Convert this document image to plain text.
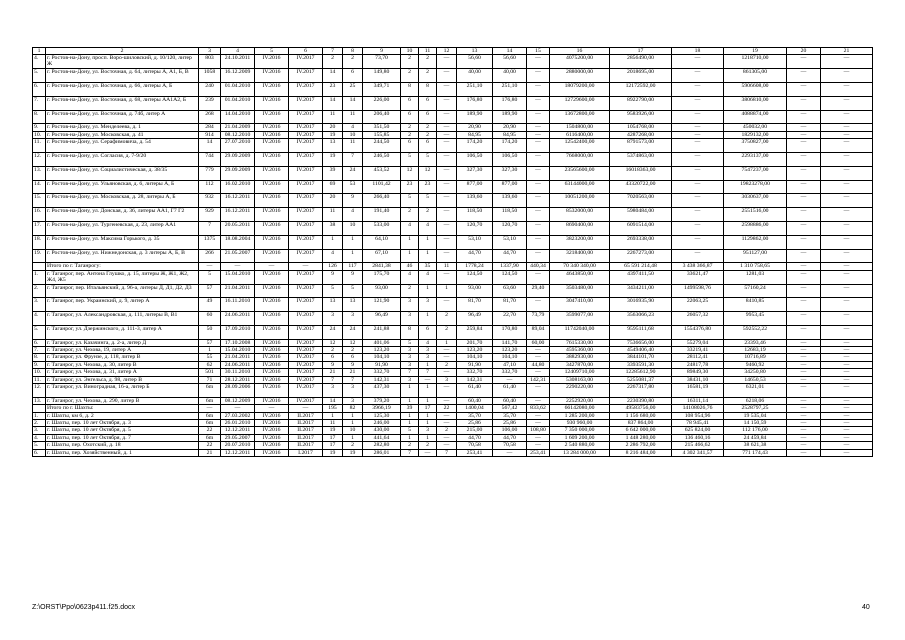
1	2	3	4	5	6	7	8	9	10	11	12	13	14	15	16	17	18	19	20	21
4.	г. Ростов-на-Дону, просп. Воро-шиловский, д. 10/120, литер Ж	803	24.10.2011	IV.2016	IV.2017	2	2	73,70	2	2	—	56,60	56,60	—	4075200,00	2856490,00	—	1218710,00	—	—
5.	г. Ростов-на-Дону, ул. Восточная, д. 64, литеры А, А1, Б, В	1058	16.12.2009	IV.2016	IV.2017	14	6	149,80	2	2	—	40,00	40,00	—	2880000,00	2018695,00	—	861305,00	—	—
6.	г. Ростов-на-Дону, ул. Восточная, д. 66, литеры А, Б	240	01.04.2010	IV.2016	IV.2017	23	25	349,71	8	8	—	251,10	251,10	—	18079200,00	12172592,00	—	5906608,00	—	—
7.	г. Ростов-на-Дону, ул. Восточная, д. 68, литеры АА1А2, Б	239	01.04.2010	IV.2016	IV.2017	14	14	226,00	6	6	—	176,80	176,80	—	12729600,00	8922790,00	—	3806810,00	—	—
8.	г. Ростов-на-Дону, ул. Восточная, д. 74б, литер А	268	14.04.2010	IV.2016	IV.2017	11	11	206,40	6	6	—	189,90	189,90	—	13672800,00	9583926,00	—	4088874,00	—	—
9.	г. Ростов-на-Дону, ул. Менделеева, д. 1	284	21.04.2009	IV.2016	IV.2017	20	4	351,50	2	2	—	20,90	20,90	—	1504800,00	1054768,00	—	450032,00	—	—
10.	г. Ростов-на-Дону, ул. Московская, д. 41	914	08.12.2010	IV.2016	IV.2017	19	10	155,85	2	2	—	84,95	84,95	—	6116400,00	4287268,00	—	1829132,00	—	—
11.	г. Ростов-на-Дону, ул. Серафимовича, д. 54	14	27.07.2010	IV.2016	IV.2017	13	11	244,50	6	6	—	174,20	174,20	—	12542400,00	8791573,00	—	3750827,00	—	—
12.	г. Ростов-на-Дону, ул. Согласия, д. 7-9/20	744	29.09.2009	IV.2016	IV.2017	19	7	246,50	5	5	—	106,50	106,50	—	7668000,00	5374863,00	—	2293137,00	—	—
13.	г. Ростов-на-Дону, ул. Социалистическая, д. 38/35	779	29.09.2009	IV.2016	IV.2017	39	24	453,52	12	12	—	327,30	327,30	—	23565600,00	16018363,00	—	7547237,00	—	—
14.	г. Ростов-на-Дону, ул. Ульяновская, д. 6, литеры А, Б	112	16.02.2010	IV.2016	IV.2017	69	53	1101,42	23	23	—	877,00	877,00	—	63144000,00	43320722,00	—	19823278,00	—	—
15.	г. Ростов-на-Дону, ул. Московская, д. 28, литеры А, Б	932	16.12.2011	IV.2016	IV.2017	20	9	266,40	5	5	—	139,60	139,60	—	10051200,00	7020563,00	—	3030637,00	—	—
16.	г. Ростов-на-Дону, ул. Донская, д. 36, литеры АА1, Г7 Г2	929	16.12.2011	IV.2016	IV.2017	11	4	191,40	2	2	—	118,50	118,50	—	8532000,00	5980484,00	—	2551516,00	—	—
17.	г. Ростов-на-Дону, ул. Тургеневская, д. 23, литер АА1	7	20.05.2011	IV.2016	IV.2017	38	10	533,00	4	4	—	120,70	120,70	—	8690400,00	6091514,00	—	2598886,00	—	—
18.	г. Ростов-на-Дону, ул. Максима Горького, д. 35	1375	18.08.2004	IV.2016	IV.2017	1	1	64,10	1	1	—	53,10	53,10	—	3823200,00	2693338,00	—	1129862,00	—	—
19.	г. Ростов-на-Дону, ул. Нижнедонская, д. 3 литеры А, Б, В	266	21.05.2007	IV.2016	IV.2017	4	1	67,10	1	1	—	44,70	44,70	—	3218400,00	2267273,00	—	951127,00	—	—
	Итого по г. Таганрогу:	—	—	—	—	126	117	2841,38	46	35	11	1778,24	1337,90	440,34	70 340 340,00	65 591 214,48	3 438 366,87	1 310 758,65	—	—
1.	г. Таганрог, пер. Антона Глушко, д. 15, литеры Ж, Ж1, Ж2, Ж4, Ж5	5	15.04.2010	IV.2016	IV.2017	9	9	175,70	4	4	—	124,50	124,50	—	4643850,00	4397411,50	33621,47	1281,03	—	—
2.	г. Таганрог, пер. Итальянский, д. 96-а, литеры Д, Д1, Д2, Д3	57	21.04.2011	IV.2016	IV.2017	5	5	93,00	2	1	1	93,00	63,60	29,40	3503480,00	3434211,00	1499598,76	57160,24	—	—
3.	г. Таганрог, пер. Украинский, д. 9, литер А	49	16.11.2010	IV.2016	IV.2017	13	13	121,90	3	3	—	81,70	81,70	—	3047410,00	3016935,90	22063,25	8410,85	—	—
4.	г. Таганрог, ул. Александровская, д. 111, литеры В, В1	60	24.06.2011	IV.2016	IV.2017	3	3	96,49	3	1	2	96,49	22,70	73,79	3599077,00	3563066,23	26057,32	9953,45	—	—
5.	г. Таганрог, ул. Дзержинского, д. 111-3, литер А	50	17.09.2010	IV.2016	IV.2017	24	24	241,88	8	6	2	259,84	170,80	89,04	11742040,00	9595111,68	1554376,80	592552,22	—	—
6.	г. Таганрог, ул. Казачинга, д. 2-а, литер Д	57	17.10.2008	IV.2016	IV.2017	12	12	401,06	5	4	1	201,70	141,70	60,00	7615330,00	7536656,00	55279,04	23393,46	—	—
7.	г. Таганрог, ул. Чехова, 19, литер А	1	15.04.2010	IV.2016	IV.2017	2	2	123,20	3	3	—	123,20	123,20	—	4595360,00	4549406,40	33219,41	12683,19	—	—
8.	г. Таганрог, ул. Фрунзе, д. 118, литер В	55	21.04.2011	IV.2016	IV.2017	6	6	104,10	3	3	—	104,10	104,10	—	3882930,00	3844101,70	28112,41	10716,89	—	—
9.	г. Таганрог, ул. Чехова, д. 30, литер В	62	24.06.2011	IV.2016	IV.2017	9	9	91,90	3	1	2	91,90	47,10	44,80	3427870,00	3393591,30	24817,78	9460,92	—	—
10.	г. Таганрог, ул. Чехова, д. 31, литер А	501	30.11.2010	IV.2016	IV.2017	21	21	332,70	7	7	—	332,70	332,70	—	12409710,00	12285612,90	89849,30	34250,80	—	—
11.	г. Таганрог, ул. Энгельса, д. 98, литер В	71	28.12.2011	IV.2016	IV.2017	7	7	142,31	3	—	3	142,31	—	142,31	5308163,00	5255081,37	38431,10	14650,53	—	—
12.	г. Таганрог, ул. Виноградная, 16-а, литер Б	6m	28.09.2006	IV.2016	IV.2017	3	3	437,30	1	1	—	61,40	61,40	—	2290220,00	2267317,80	16581,19	6321,01	—	—
13.	г. Таганрог, ул. Чехова, д. 290, литер В	6m	08.12.2009	IV.2016	IV.2017	14	3	379,20	1	1	—	60,40	60,40	—	2252920,00	2230390,80	16311,14	6218,06	—	—
	Итого по г. Шахты:	—	—	—	—	195	82	3966,19	39	17	22	1400,04	567,42	833,62	66142080,00	49583756,00	14108026,76	2528797,25	—	—
1.	г. Шахты, км 6, д. 2	6m	27.03.2002	IV.2016	II.2017	1	1	125,30	1	1	—	35,70	35,70	—	1 285 200,00	1 156 680,00	108 954,96	19 535,04	—	—
2.	г. Шахты, пер. 10 лет Октября, д. 3	6m	26.01.2010	IV.2016	II.2017	11	1	246,00	1	1	—	25,86	25,86	—	930 960,00	837 864,00	78 945,41	14 150,59	—	—
3.	г. Шахты, пер. 10 лет Октября, д. 5	22	12.12.2011	IV.2016	II.2017	19	10	430,00	5	3	2	215,00	106,00	108,80	7 350 000,00	6 642 000,00	625 824,00	112 176,00	—	—
4.	г. Шахты, пер. 10 лет Октября, д. 7	6m	29.05.2007	IV.2016	II.2017	17	1	441,64	1	1	—	44,70	44,70	—	1 609 200,00	1 448 280,00	136 460,16	24 459,84	—	—
5.	г. Шахты, пер. Охотский, д. 18	22	20.07.2010	IV.2016	II.2017	17	2	282,80	2	2	—	70,58	70,58	—	2 540 880,00	2 286 792,00	215 466,62	38 621,38	—	—
6.	г. Шахты, пер. Хозяйственный, д. 1	21	12.12.2011	IV.2016	I.2017	19	19	286,01	7	—	7	253,41	—	253,41	13 284 000,00	8 216 484,00	4 302 341,57	771 174,43	—	—
Z:\ORST\Ppo\0623p411.f25.docx	40
